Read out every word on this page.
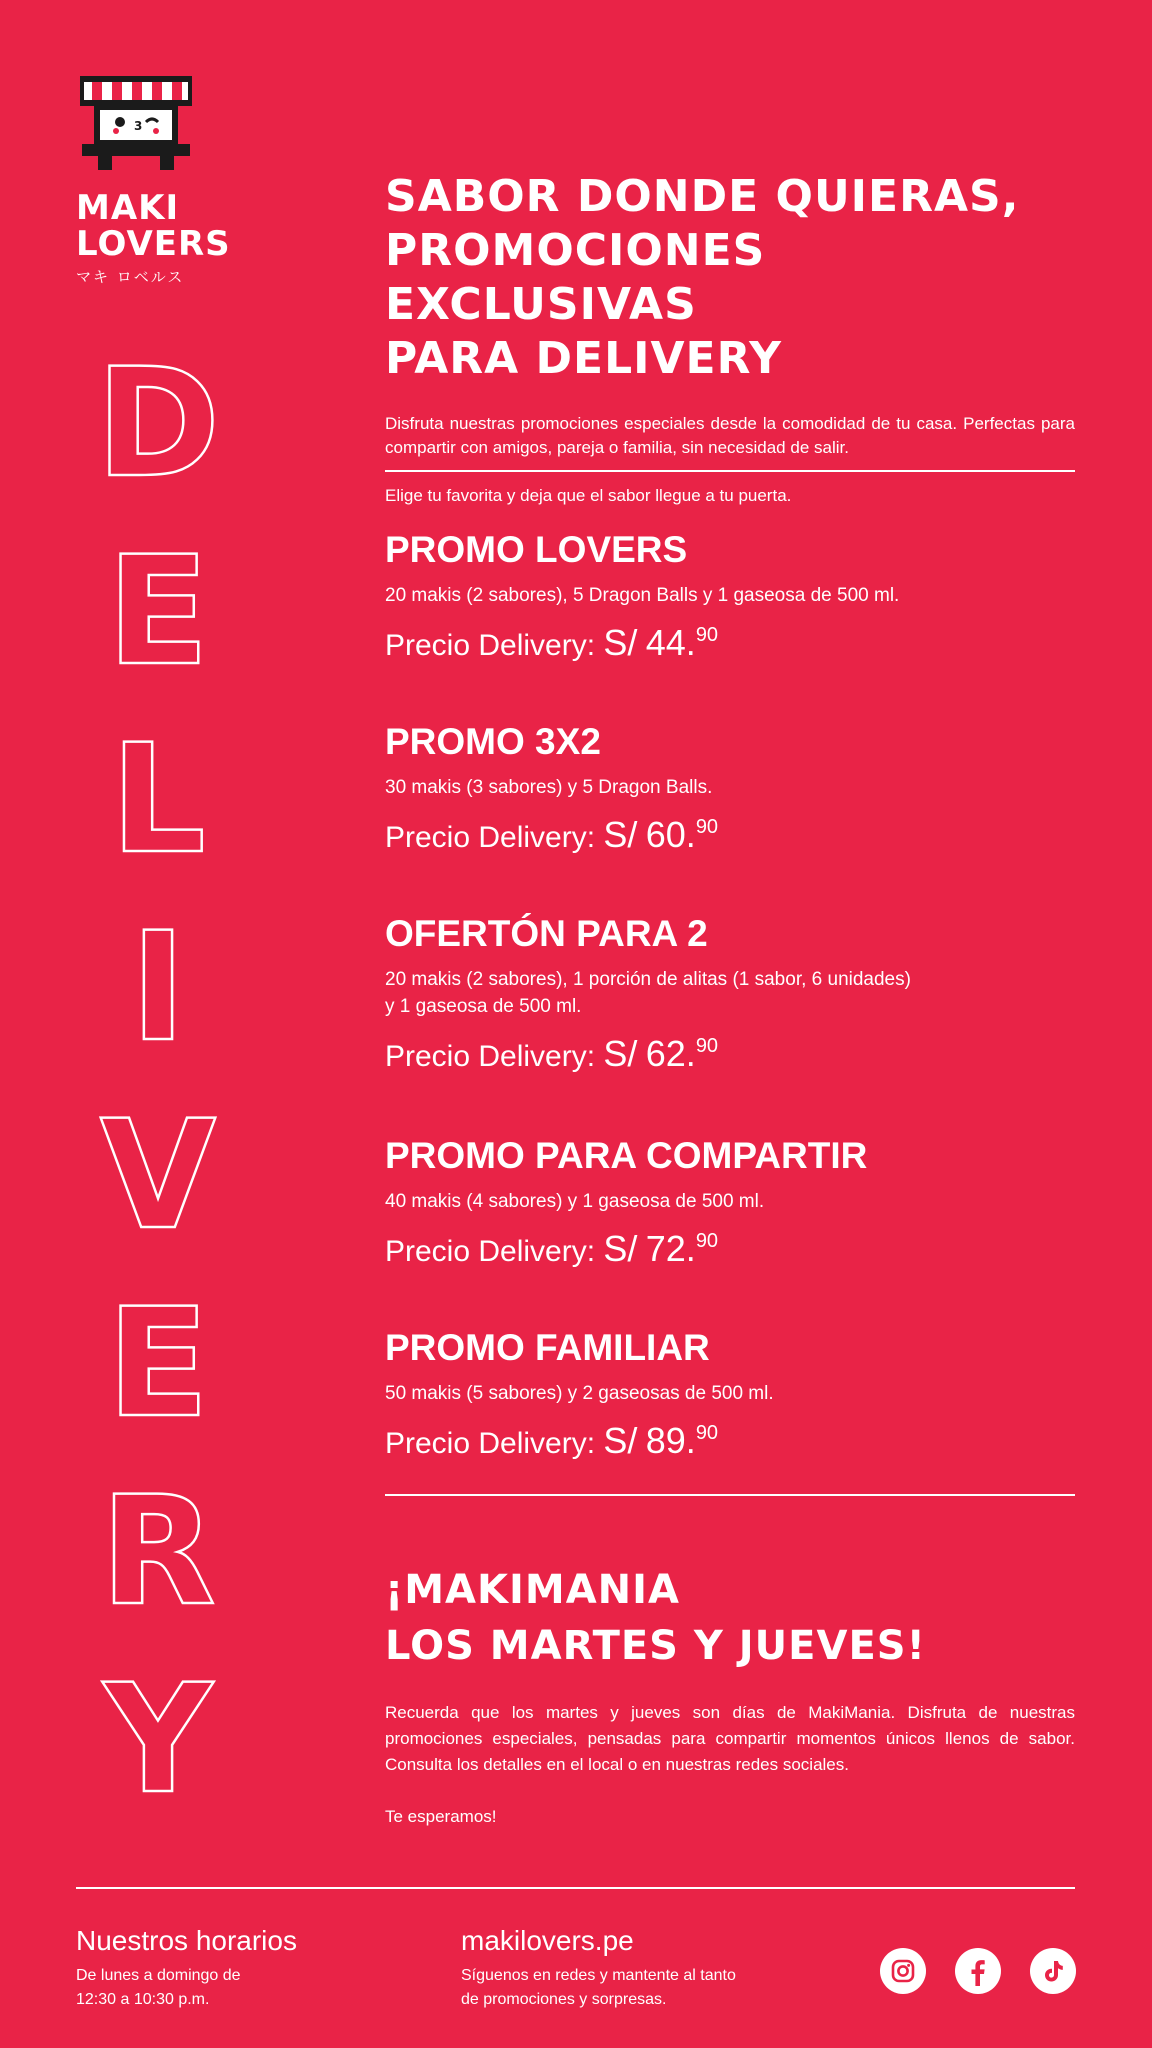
3
MAKI
LOVERS
マキ ロベルス
D
E
L
I
V
E
R
Y
SABOR DONDE QUIERAS,
PROMOCIONES EXCLUSIVAS
PARA DELIVERY
Disfruta nuestras promociones especiales desde la comodidad de tu casa. Perfectas para compartir con amigos, pareja o familia, sin necesidad de salir.
Elige tu favorita y deja que el sabor llegue a tu puerta.
PROMO LOVERS
20 makis (2 sabores), 5 Dragon Balls y 1 gaseosa de 500 ml.
Precio Delivery: S/ 44.90
PROMO 3X2
30 makis (3 sabores) y 5 Dragon Balls.
Precio Delivery: S/ 60.90
OFERTÓN PARA 2
20 makis (2 sabores), 1 porción de alitas (1 sabor, 6 unidades)
y 1 gaseosa de 500 ml.
Precio Delivery: S/ 62.90
PROMO PARA COMPARTIR
40 makis (4 sabores) y 1 gaseosa de 500 ml.
Precio Delivery: S/ 72.90
PROMO FAMILIAR
50 makis (5 sabores) y 2 gaseosas de 500 ml.
Precio Delivery: S/ 89.90
¡MAKIMANIA
LOS MARTES Y JUEVES!
Recuerda que los martes y jueves son días de MakiMania. Disfruta de nuestras promociones especiales, pensadas para compartir momentos únicos llenos de sabor. Consulta los detalles en el local o en nuestras redes sociales.
Te esperamos!
Nuestros horarios
De lunes a domingo de
12:30 a 10:30 p.m.
makilovers.pe
Síguenos en redes y mantente al tanto
de promociones y sorpresas.
